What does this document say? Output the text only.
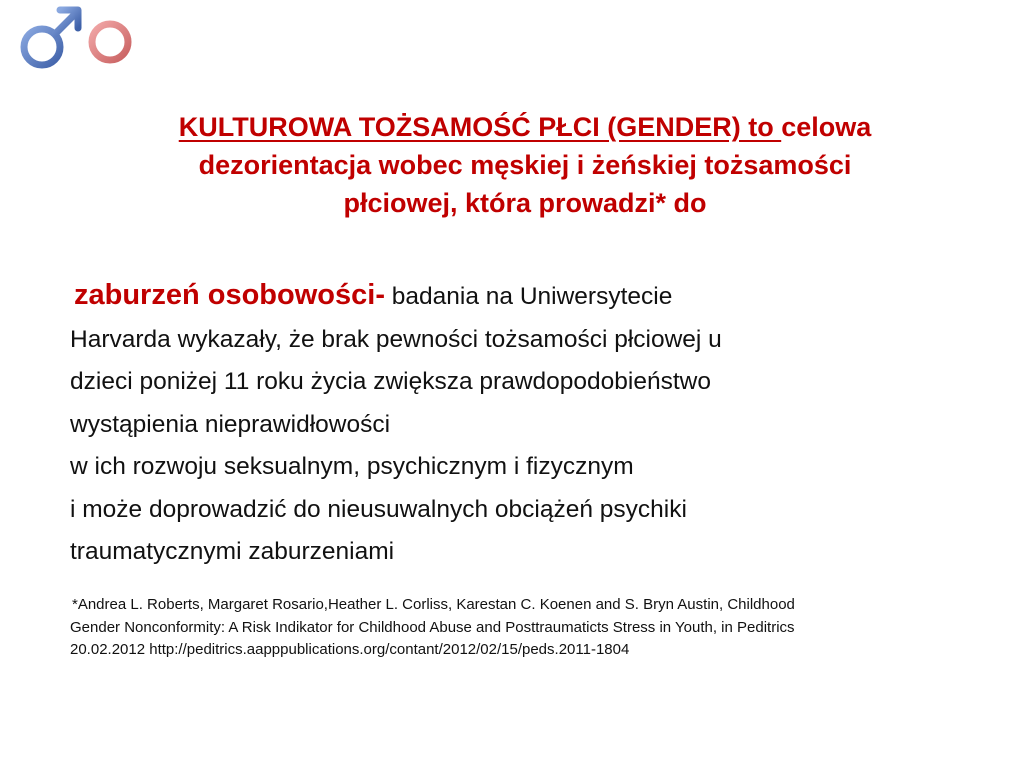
KULTUROWA TOŻSAMOŚĆ PŁCI (GENDER) to celowa
dezorientacja wobec męskiej i żeńskiej tożsamości
płciowej, która prowadzi* do
zaburzeń osobowości- badania na Uniwersytecie
Harvarda wykazały, że brak pewności tożsamości płciowej u
dzieci poniżej 11 roku życia zwiększa prawdopodobieństwo
wystąpienia nieprawidłowości
w ich rozwoju seksualnym, psychicznym i fizycznym
i może doprowadzić do nieusuwalnych obciążeń psychiki
traumatycznymi zaburzeniami
*Andrea L. Roberts, Margaret Rosario,Heather L. Corliss, Karestan C. Koenen and S. Bryn Austin, Childhood
Gender Nonconformity: A Risk Indikator for Childhood Abuse and Posttraumaticts Stress in Youth, in Peditrics
20.02.2012 http://peditrics.aapppublications.org/contant/2012/02/15/peds.2011-1804
